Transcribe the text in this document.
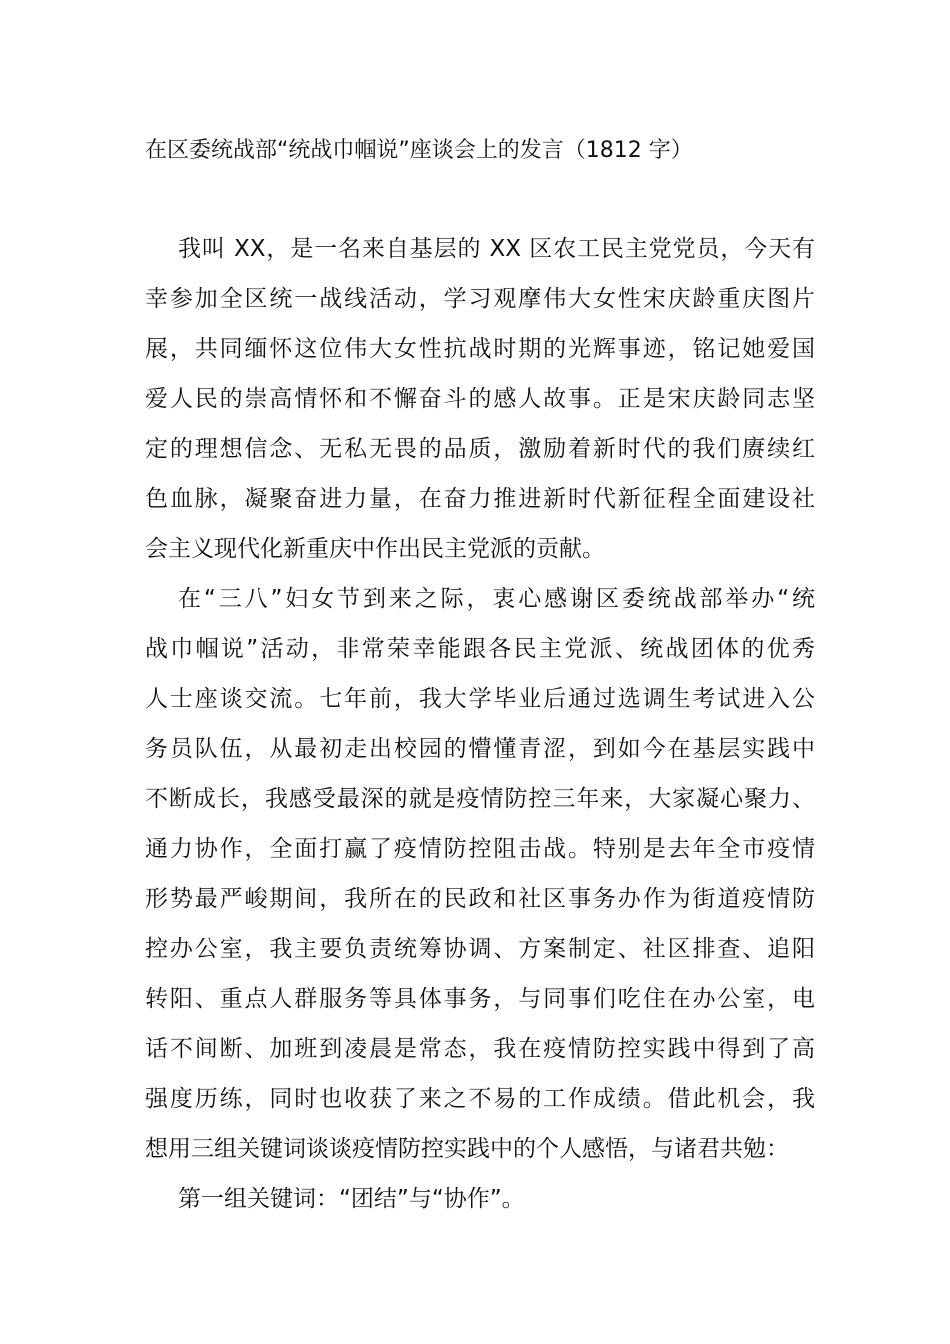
在区委统战部“统战巾帼说”座谈会上的发言（1812 字）
我叫 XX，是一名来自基层的 XX 区农工民主党党员，今天有
幸参加全区统一战线活动，学习观摩伟大女性宋庆龄重庆图片
展，共同缅怀这位伟大女性抗战时期的光辉事迹，铭记她爱国
爱人民的崇高情怀和不懈奋斗的感人故事。正是宋庆龄同志坚
定的理想信念、无私无畏的品质，激励着新时代的我们赓续红
色血脉，凝聚奋进力量，在奋力推进新时代新征程全面建设社
会主义现代化新重庆中作出民主党派的贡献。
在“三八”妇女节到来之际，衷心感谢区委统战部举办“统
战巾帼说”活动，非常荣幸能跟各民主党派、统战团体的优秀
人士座谈交流。七年前，我大学毕业后通过选调生考试进入公
务员队伍，从最初走出校园的懵懂青涩，到如今在基层实践中
不断成长，我感受最深的就是疫情防控三年来，大家凝心聚力、
通力协作，全面打赢了疫情防控阻击战。特别是去年全市疫情
形势最严峻期间，我所在的民政和社区事务办作为街道疫情防
控办公室，我主要负责统筹协调、方案制定、社区排查、追阳
转阳、重点人群服务等具体事务，与同事们吃住在办公室，电
话不间断、加班到凌晨是常态，我在疫情防控实践中得到了高
强度历练，同时也收获了来之不易的工作成绩。借此机会，我
想用三组关键词谈谈疫情防控实践中的个人感悟，与诸君共勉：
第一组关键词：“团结”与“协作”。
